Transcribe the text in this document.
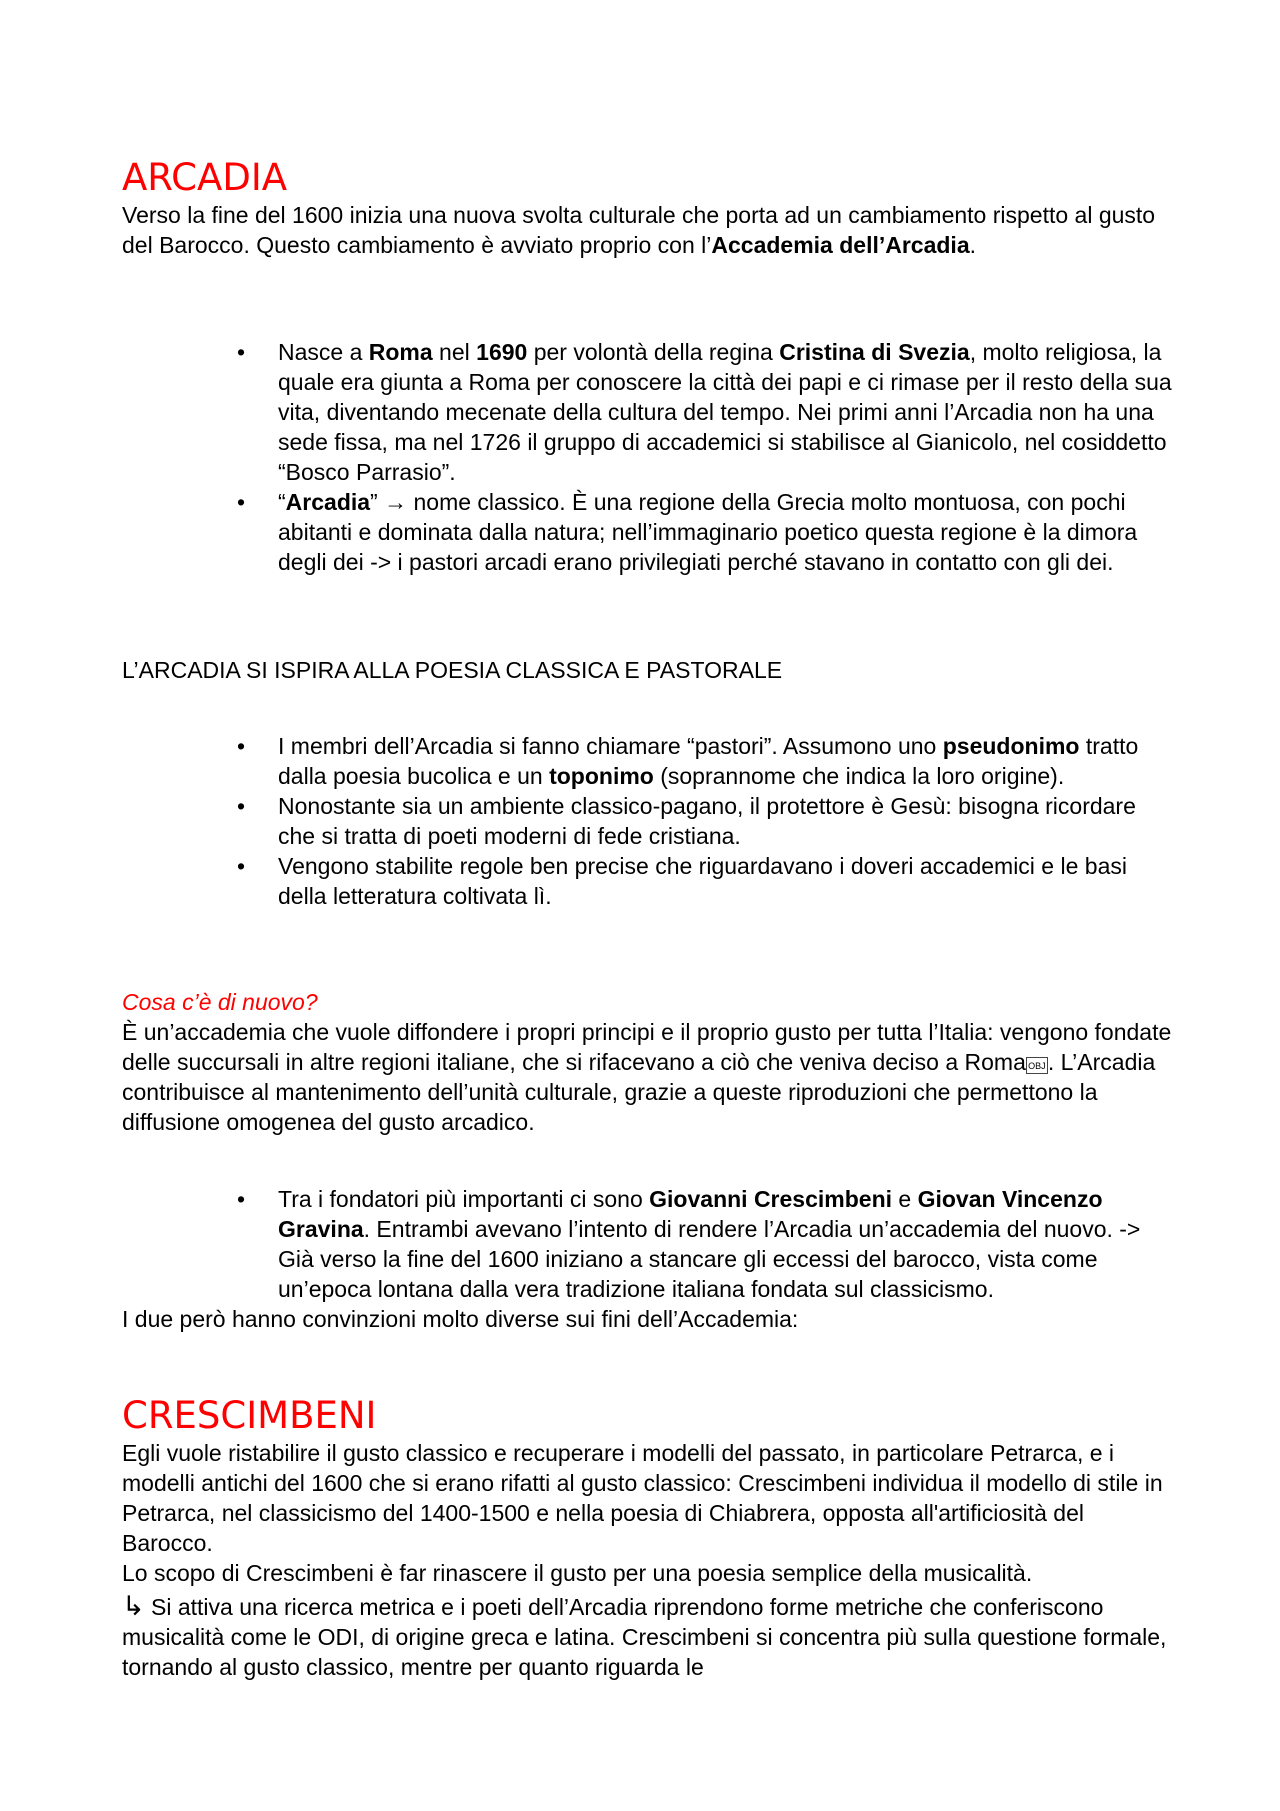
ARCADIA

Verso la fine del 1600 inizia una nuova svolta culturale che porta ad un cambiamento rispetto al gusto del Barocco. Questo cambiamento è avviato proprio con l’Accademia dell’Arcadia.

• Nasce a Roma nel 1690 per volontà della regina Cristina di Svezia, molto religiosa, la quale era giunta a Roma per conoscere la città dei papi e ci rimase per il resto della sua vita, diventando mecenate della cultura del tempo. Nei primi anni l’Arcadia non ha una sede fissa, ma nel 1726 il gruppo di accademici si stabilisce al Gianicolo, nel cosiddetto “Bosco Parrasio”.
• “Arcadia” → nome classico. È una regione della Grecia molto montuosa, con pochi abitanti e dominata dalla natura; nell’immaginario poetico questa regione è la dimora degli dei -> i pastori arcadi erano privilegiati perché stavano in contatto con gli dei.

L’ARCADIA SI ISPIRA ALLA POESIA CLASSICA E PASTORALE

• I membri dell’Arcadia si fanno chiamare “pastori”. Assumono uno pseudonimo tratto dalla poesia bucolica e un toponimo (soprannome che indica la loro origine).
• Nonostante sia un ambiente classico-pagano, il protettore è Gesù: bisogna ricordare che si tratta di poeti moderni di fede cristiana.
• Vengono stabilite regole ben precise che riguardavano i doveri accademici e le basi della letteratura coltivata lì.

Cosa c’è di nuovo?

È un’accademia che vuole diffondere i propri principi e il proprio gusto per tutta l’Italia: vengono fondate delle succursali in altre regioni italiane, che si rifacevano a ciò che veniva deciso a Roma OBJ. L’Arcadia contribuisce al mantenimento dell’unità culturale, grazie a queste riproduzioni che permettono la diffusione omogenea del gusto arcadico.

• Tra i fondatori più importanti ci sono Giovanni Crescimbeni e Giovan Vincenzo Gravina. Entrambi avevano l’intento di rendere l’Arcadia un’accademia del nuovo. -> Già verso la fine del 1600 iniziano a stancare gli eccessi del barocco, vista come un’epoca lontana dalla vera tradizione italiana fondata sul classicismo.

I due però hanno convinzioni molto diverse sui fini dell’Accademia:

CRESCIMBENI

Egli vuole ristabilire il gusto classico e recuperare i modelli del passato, in particolare Petrarca, e i modelli antichi del 1600 che si erano rifatti al gusto classico: Crescimbeni individua il modello di stile in Petrarca, nel classicismo del 1400-1500 e nella poesia di Chiabrera, opposta all'artificiosità del Barocco.

Lo scopo di Crescimbeni è far rinascere il gusto per una poesia semplice della musicalità.

↳ Si attiva una ricerca metrica e i poeti dell’Arcadia riprendono forme metriche che conferiscono musicalità come le ODI, di origine greca e latina. Crescimbeni si concentra più sulla questione formale, tornando al gusto classico, mentre per quanto riguarda le
